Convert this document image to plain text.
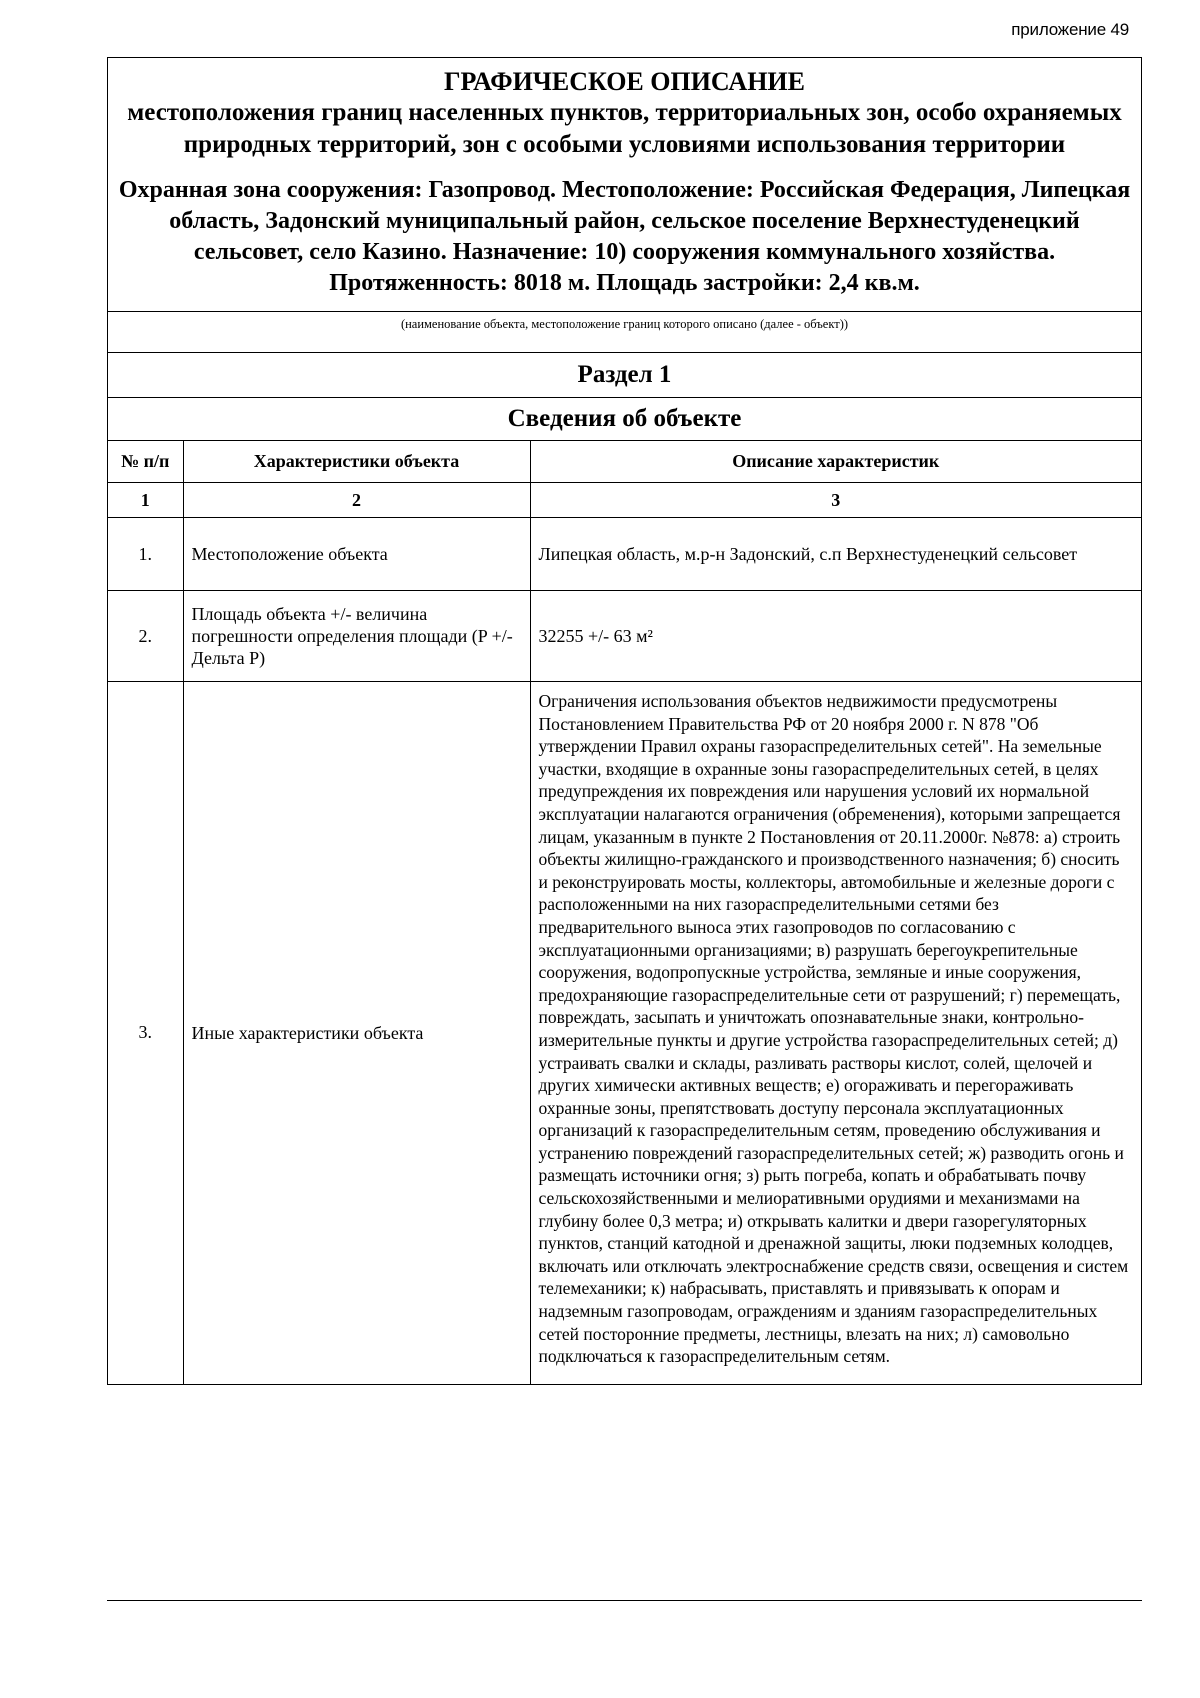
приложение 49

ГРАФИЧЕСКОЕ ОПИСАНИЕ

местоположения границ населенных пунктов, территориальных зон, особо охраняемых природных территорий, зон с особыми условиями использования территории

Охранная зона сооружения: Газопровод. Местоположение: Российская Федерация, Липецкая область, Задонский муниципальный район, сельское поселение Верхнестуденецкий сельсовет, село Казино. Назначение: 10) сооружения коммунального хозяйства. Протяженность: 8018 м. Площадь застройки: 2,4 кв.м.

(наименование объекта, местоположение границ которого описано (далее - объект))
Раздел 1
Сведения об объекте
№ п/п	Характеристики объекта	Описание характеристик
1	2	3
1.	Местоположение объекта	Липецкая область, м.р-н Задонский, с.п Верхнестуденецкий сельсовет
2.	Площадь объекта +/- величина погрешности определения площади (P +/- Дельта P)	32255 +/- 63 м²
3.	Иные характеристики объекта	Ограничения использования объектов недвижимости предусмотрены Постановлением Правительства РФ от 20 ноября 2000 г. N 878 "Об утверждении Правил охраны газораспределительных сетей". На земельные участки, входящие в охранные зоны газораспределительных сетей, в целях предупреждения их повреждения или нарушения условий их нормальной эксплуатации налагаются ограничения (обременения), которыми запрещается лицам, указанным в пункте 2 Постановления от 20.11.2000г. №878: а) строить объекты жилищно-гражданского и производственного назначения; б) сносить и реконструировать мосты, коллекторы, автомобильные и железные дороги с расположенными на них газораспределительными сетями без предварительного выноса этих газопроводов по согласованию с эксплуатационными организациями; в) разрушать берегоукрепительные сооружения, водопропускные устройства, земляные и иные сооружения, предохраняющие газораспределительные сети от разрушений; г) перемещать, повреждать, засыпать и уничтожать опознавательные знаки, контрольно-измерительные пункты и другие устройства газораспределительных сетей; д) устраивать свалки и склады, разливать растворы кислот, солей, щелочей и других химически активных веществ; е) огораживать и перегораживать охранные зоны, препятствовать доступу персонала эксплуатационных организаций к газораспределительным сетям, проведению обслуживания и устранению повреждений газораспределительных сетей; ж) разводить огонь и размещать источники огня; з) рыть погреба, копать и обрабатывать почву сельскохозяйственными и мелиоративными орудиями и механизмами на глубину более 0,3 метра; и) открывать калитки и двери газорегуляторных пунктов, станций катодной и дренажной защиты, люки подземных колодцев, включать или отключать электроснабжение средств связи, освещения и систем телемеханики; к) набрасывать, приставлять и привязывать к опорам и надземным газопроводам, ограждениям и зданиям газораспределительных сетей посторонние предметы, лестницы, влезать на них; л) самовольно подключаться к газораспределительным сетям.
